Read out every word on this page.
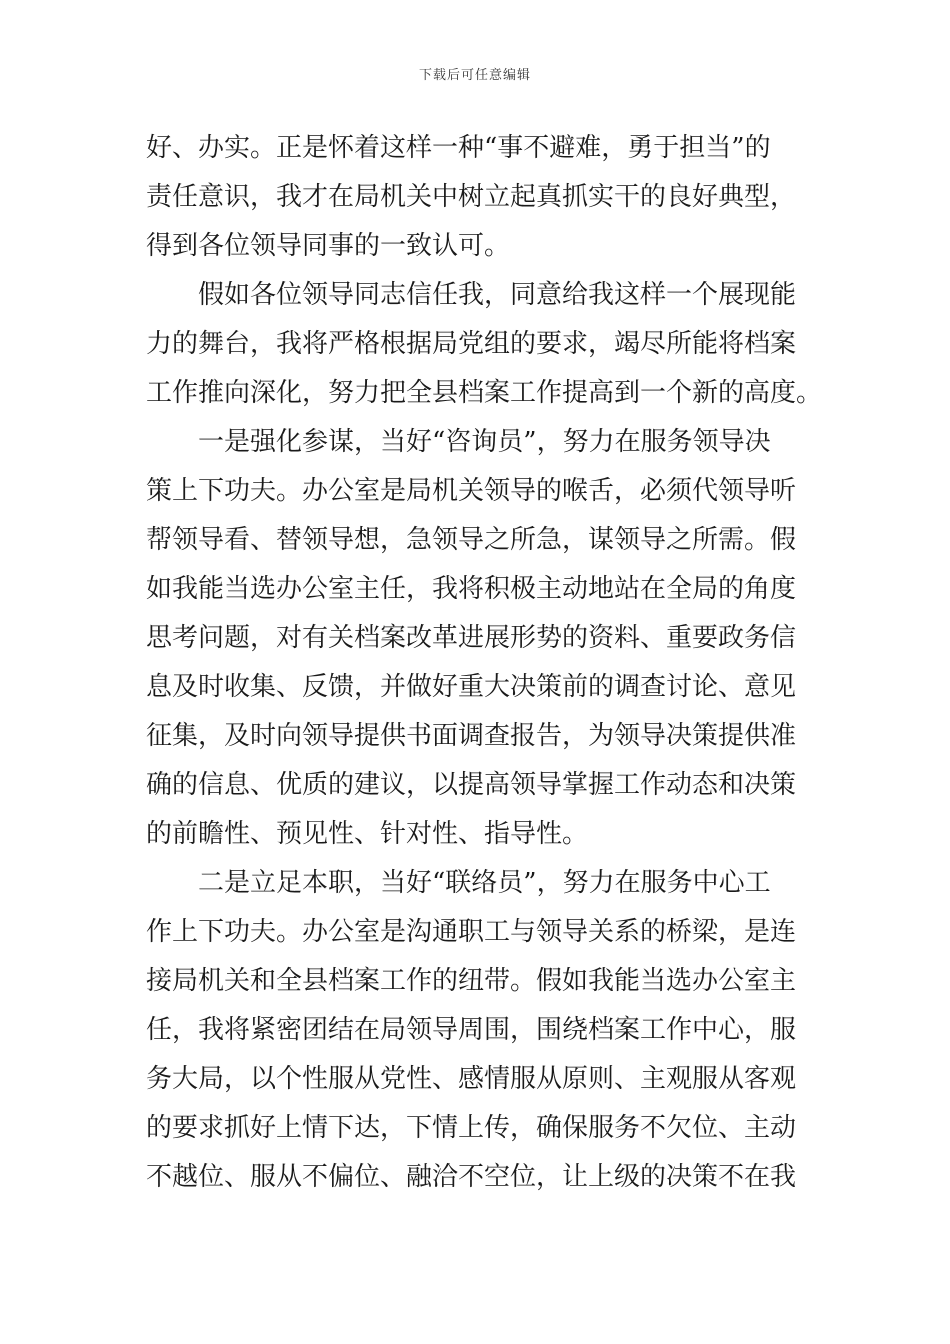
下载后可任意编辑
好、办实。正是怀着这样一种“事不避难，勇于担当”的
责任意识，我才在局机关中树立起真抓实干的良好典型，
得到各位领导同事的一致认可。
　　假如各位领导同志信任我，同意给我这样一个展现能
力的舞台，我将严格根据局党组的要求，竭尽所能将档案
工作推向深化，努力把全县档案工作提高到一个新的高度。
　　一是强化参谋，当好“咨询员”，努力在服务领导决
策上下功夫。办公室是局机关领导的喉舌，必须代领导听
帮领导看、替领导想，急领导之所急，谋领导之所需。假
如我能当选办公室主任，我将积极主动地站在全局的角度
思考问题，对有关档案改革进展形势的资料、重要政务信
息及时收集、反馈，并做好重大决策前的调查讨论、意见
征集，及时向领导提供书面调查报告，为领导决策提供准
确的信息、优质的建议，以提高领导掌握工作动态和决策
的前瞻性、预见性、针对性、指导性。
　　二是立足本职，当好“联络员”，努力在服务中心工
作上下功夫。办公室是沟通职工与领导关系的桥梁，是连
接局机关和全县档案工作的纽带。假如我能当选办公室主
任，我将紧密团结在局领导周围，围绕档案工作中心，服
务大局，以个性服从党性、感情服从原则、主观服从客观
的要求抓好上情下达，下情上传，确保服务不欠位、主动
不越位、服从不偏位、融洽不空位，让上级的决策不在我
